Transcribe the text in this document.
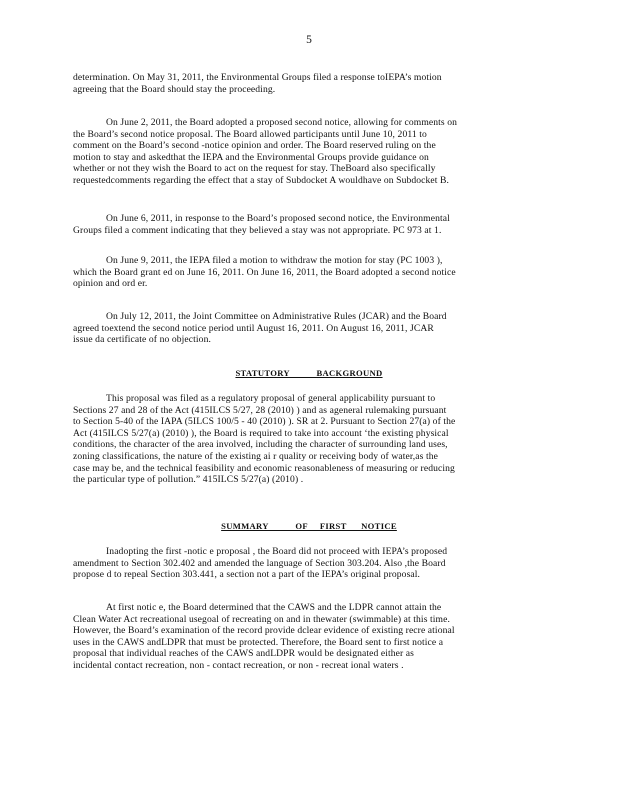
5
determination. On May 31, 2011, the Environmental Groups filed a response toIEPA’s motion
agreeing that the Board should stay the proceeding.
On June 2, 2011, the Board adopted a proposed second notice, allowing for comments on
the Board’s second notice proposal. The Board allowed participants until June 10, 2011 to
comment on the Board’s second -notice opinion and order. The Board reserved ruling on the
motion to stay and askedthat the IEPA and the Environmental Groups provide guidance on
whether or not they wish the Board to act on the request for stay. TheBoard also specifically
requestedcomments regarding the effect that a stay of Subdocket A wouldhave on Subdocket B.
On June 6, 2011, in response to the Board’s proposed second notice, the Environmental
Groups filed a comment indicating that they believed a stay was not appropriate. PC 973 at 1.
On June 9, 2011, the IEPA filed a motion to withdraw the motion for stay (PC 1003 ),
which the Board grant ed on June 16, 2011. On June 16, 2011, the Board adopted a second notice
opinion and ord er.
On July 12, 2011, the Joint Committee on Administrative Rules (JCAR) and the Board
agreed toextend the second notice period until August 16, 2011. On August 16, 2011, JCAR
issue da certificate of no objection.
STATUTORY           BACKGROUND
This proposal was filed as a regulatory proposal of general applicability pursuant to
Sections 27 and 28 of the Act (415ILCS 5/27, 28 (2010) ) and as ageneral rulemaking pursuant
to Section 5-40 of the IAPA (5ILCS 100/5 - 40 (2010) ). SR at 2. Pursuant to Section 27(a) of the
Act (415ILCS 5/27(a) (2010) ), the Board is required to take into account ‘the existing physical
conditions, the character of the area involved, including the character of surrounding land uses,
zoning classifications, the nature of the existing ai r quality or receiving body of water,as the
case may be, and the technical feasibility and economic reasonableness of measuring or reducing
the particular type of pollution.” 415ILCS 5/27(a) (2010) .
SUMMARY           OF     FIRST      NOTICE
Inadopting the first -notic e proposal , the Board did not proceed with IEPA’s proposed
amendment to Section 302.402 and amended the language of Section 303.204. Also ,the Board
propose d to repeal Section 303.441, a section not a part of the IEPA’s original proposal.
At first notic e, the Board determined that the CAWS and the LDPR cannot attain the
Clean Water Act recreational usegoal of recreating on and in thewater (swimmable) at this time.
However, the Board’s examination of the record provide dclear evidence of existing recre ational
uses in the CAWS andLDPR that must be protected. Therefore, the Board sent to first notice a
proposal that individual reaches of the CAWS andLDPR would be designated either as
incidental contact recreation, non - contact recreation, or non - recreat ional waters .
